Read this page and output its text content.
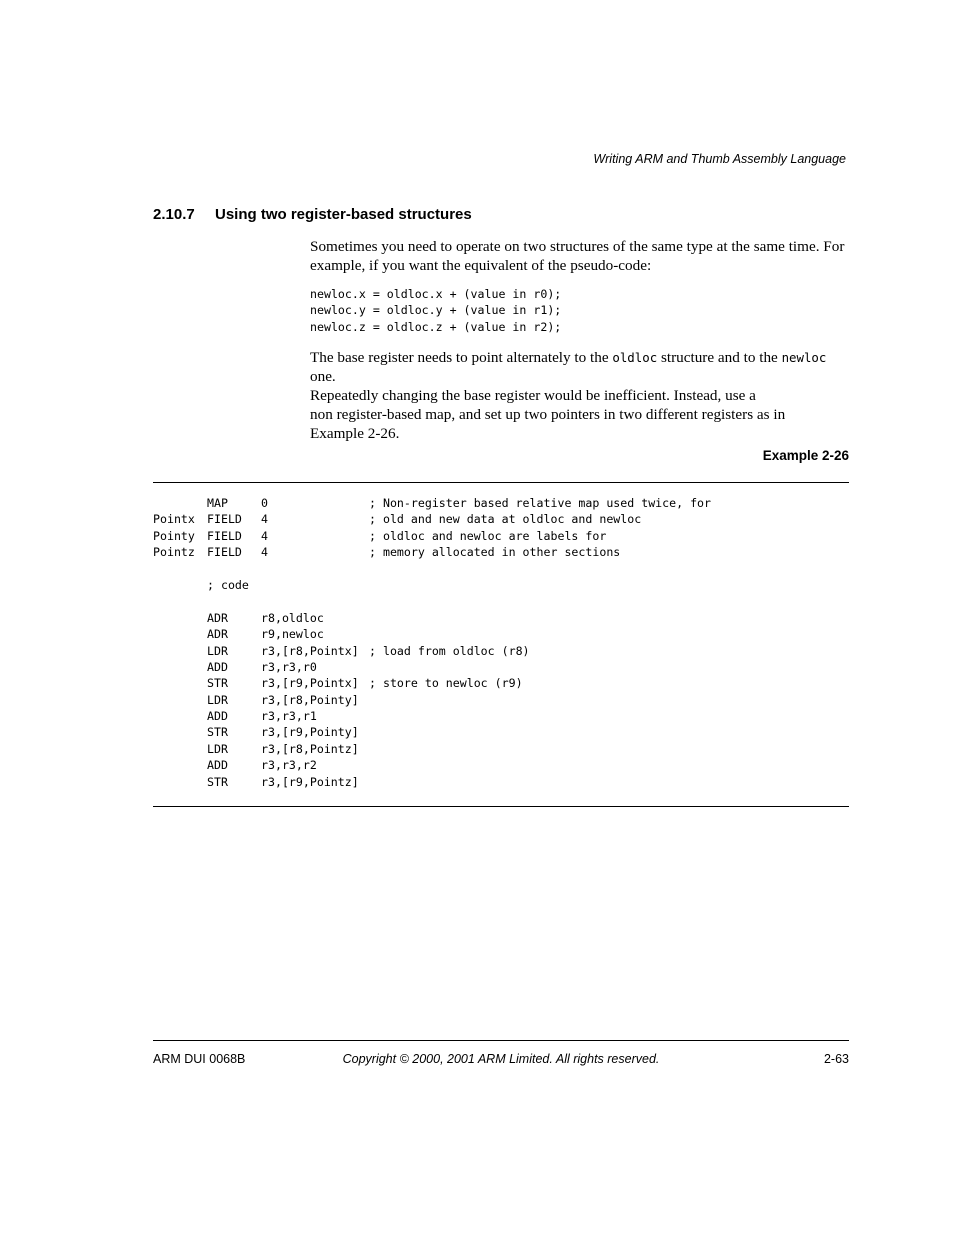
Writing ARM and Thumb Assembly Language
2.10.7 Using two register-based structures

Sometimes you need to operate on two structures of the same type at the same time. For example, if you want the equivalent of the pseudo-code:

newloc.x = oldloc.x + (value in r0);
newloc.y = oldloc.y + (value in r1);
newloc.z = oldloc.z + (value in r2);

The base register needs to point alternately to the oldloc structure and to the newloc one.

Repeatedly changing the base register would be inefficient. Instead, use a

non register-based map, and set up two pointers in two different registers as in

Example 2-26.

Example 2-26
MAP	0	; Non-register based relative map used twice, for
Pointx FIELD 4	; old and new data at oldloc and newloc
Pointy FIELD 4	; oldloc and newloc are labels for
Pointz FIELD 4	; memory allocated in other sections
; code
ADR	r8,oldloc
ADR	r9,newloc
LDR	r3,[r8,Pointx] ; load from oldloc (r8)
ADD	r3,r3,r0
STR	r3,[r9,Pointx] ; store to newloc (r9)
LDR	r3,[r8,Pointy]
ADD	r3,r3,r1
STR	r3,[r9,Pointy]
LDR	r3,[r8,Pointz]
ADD	r3,r3,r2
STR	r3,[r9,Pointz]
ARM DUI 0068B	Copyright © 2000, 2001 ARM Limited. All rights reserved.	2-63
